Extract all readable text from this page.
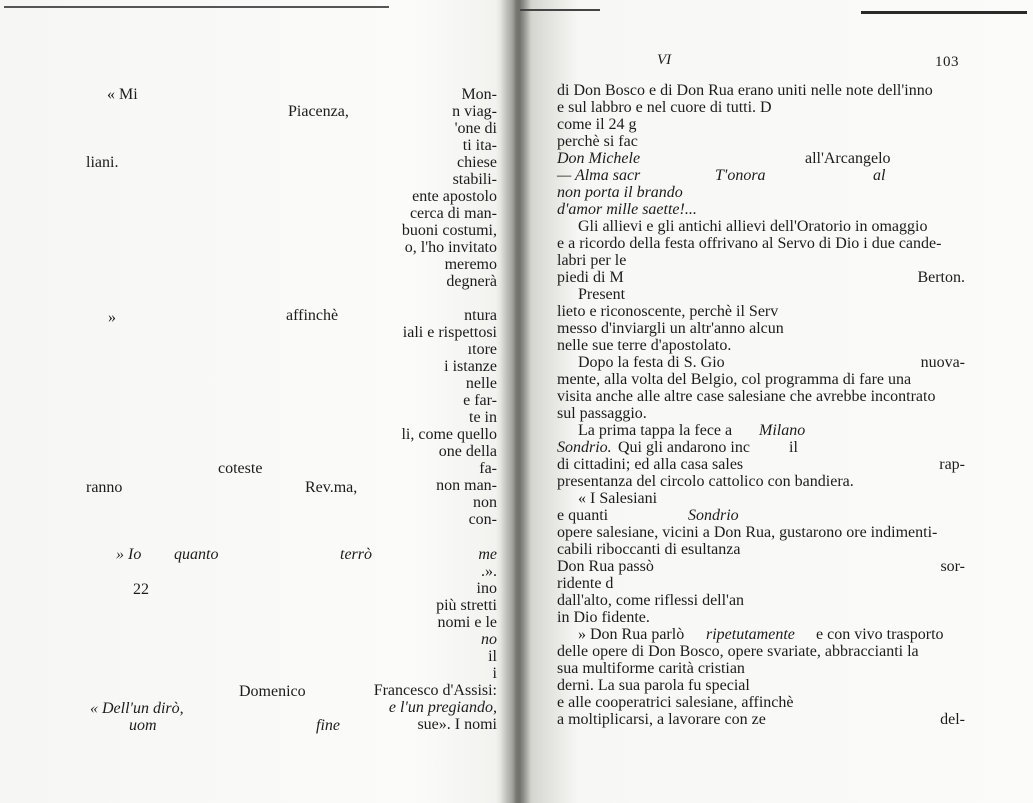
« Mi	Mon-
Piacenza,	n viag-
'one di
ti ita-
liani.	chiese
stabili-
ente apostolo
cerca di man-
buoni costumi,
o, l'ho invitato
meremo
degnerà
»	affinchè	ntura
iali e rispettosi
ıtore
i istanze
nelle
e far-
te in
li, come quello
one della
coteste	fa-
ranno	Rev.ma,	non man-
non
con-
» Io quanto	terrò	me
.».
22	ino
più stretti
nomi e le
no
il
i
Domenico	Francesco d'Assisi:
« Dell'un dirò,	e l'un pregiando,
uom	fine	sue». I nomi
VI	103
di Don Bosco e di Don Rua erano uniti nelle note dell'inno
e sul labbro e nel cuore di tutti. D
come il 24 g
perchè si fac
Don Michele	all'Arcangelo
— Alma sacr	T'onora	al
non porta il brando
d'amor mille saette!...
Gli allievi e gli antichi allievi dell'Oratorio in omaggio
e a ricordo della festa offrivano al Servo di Dio i due cande-
labri per le
piedi di M	Berton.
Present
lieto e riconoscente, perchè il Serv
messo d'inviargli un altr'anno alcun
nelle sue terre d'apostolato.
Dopo la festa di S. Gio	nuova-
mente, alla volta del Belgio, col programma di fare una
visita anche alle altre case salesiane che avrebbe incontrato
sul passaggio.
La prima tappa la fece a Milano
Sondrio. Qui gli andarono inc il
di cittadini; ed alla casa sales	rap-
presentanza del circolo cattolico con bandiera.
« I Salesiani
e quanti	Sondrio
opere salesiane, vicini a Don Rua, gustarono ore indimenti-
cabili riboccanti di esultanza
Don Rua passò	sor-
ridente d
dall'alto, come riflessi dell'an
in Dio fidente.
» Don Rua parlò ripetutamente e con vivo trasporto
delle opere di Don Bosco, opere svariate, abbraccianti la
sua multiforme carità cristian
derni. La sua parola fu special
e alle cooperatrici salesiane, affinchè
a moltiplicarsi, a lavorare con ze	del-
